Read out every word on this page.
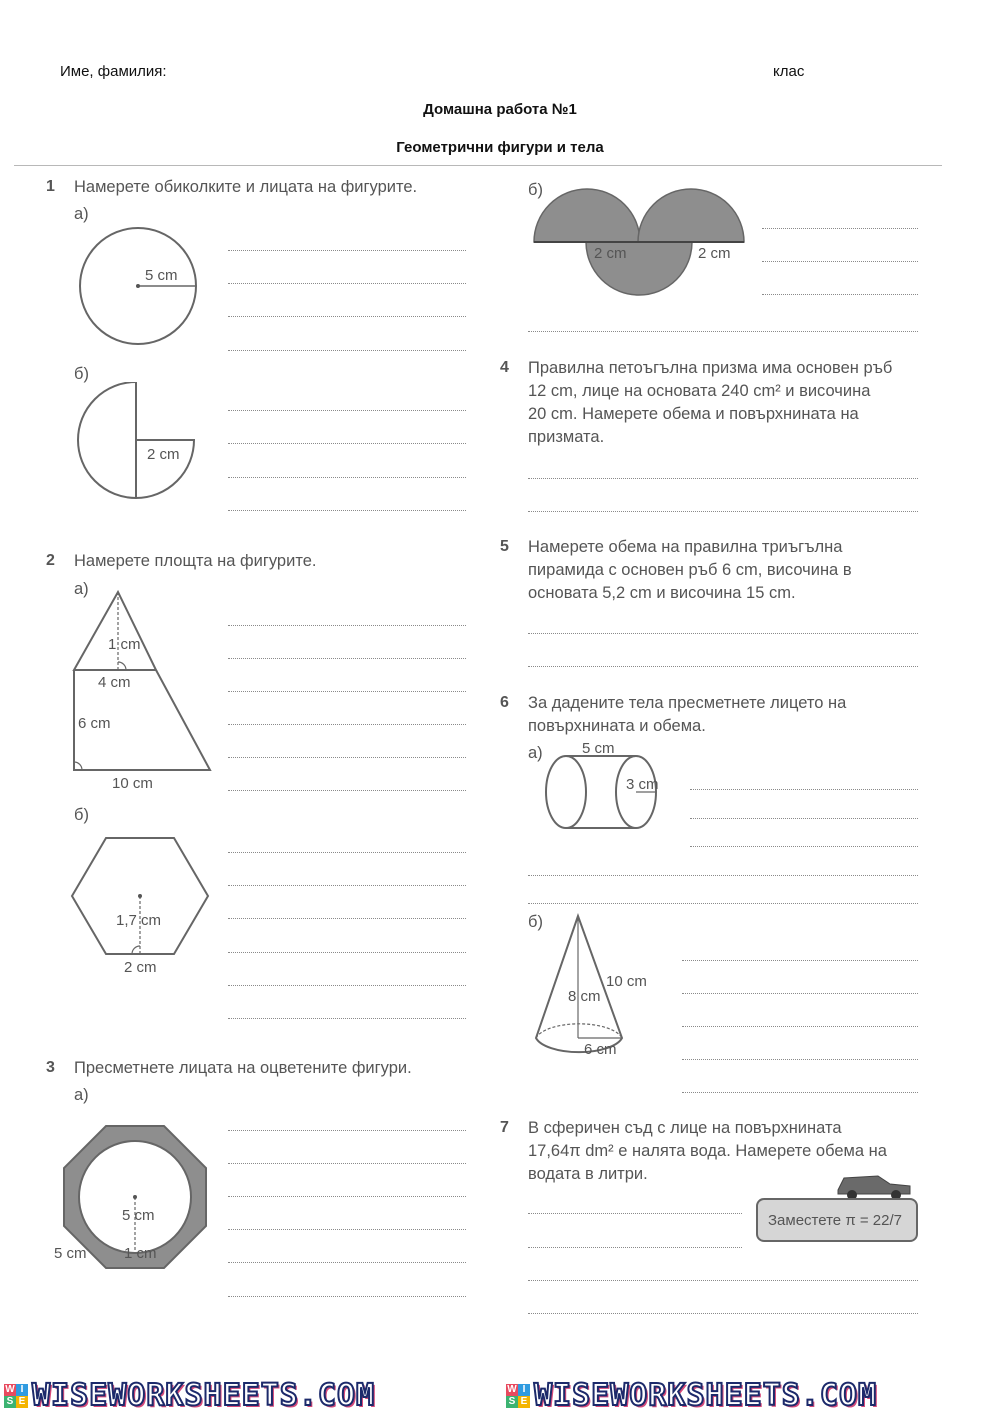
Име, фамилия:	клас
Домашна работа №1
Геометрични фигури и тела
1 Намерете обиколките и лицата на фигурите.
а)
5 cm
б)
2 cm
2 Намерете площта на фигурите.
а)
1 cm
4 cm
6 cm
10 cm
б)
1,7 cm
2 cm
3 Пресметнете лицата на оцветените фигури.
а)
5 cm
5 cm 1 cm
б)
2 cm	2 cm
4 Правилна петоъгълна призма има основен ръб
12 cm, лице на основата 240 cm² и височина
20 cm. Намерете обема и повърхнината на
призмата.
5 Намерете обема на правилна триъгълна
пирамида с основен ръб 6 cm, височина в
основата 5,2 cm и височина 15 cm.
6 За дадените тела пресметнете лицето на
повърхнината и обема.
а)	5 cm
3 cm
б)
10 cm
8 cm
6 cm
7 В сферичен съд с лице на повърхнината
17,64π dm² е налята вода. Намерете обема на
водата в литри.
Заместете π = 22/7
W I
S E WISEWORKSHEETS.COM	W I
S E WISEWORKSHEETS.COM
